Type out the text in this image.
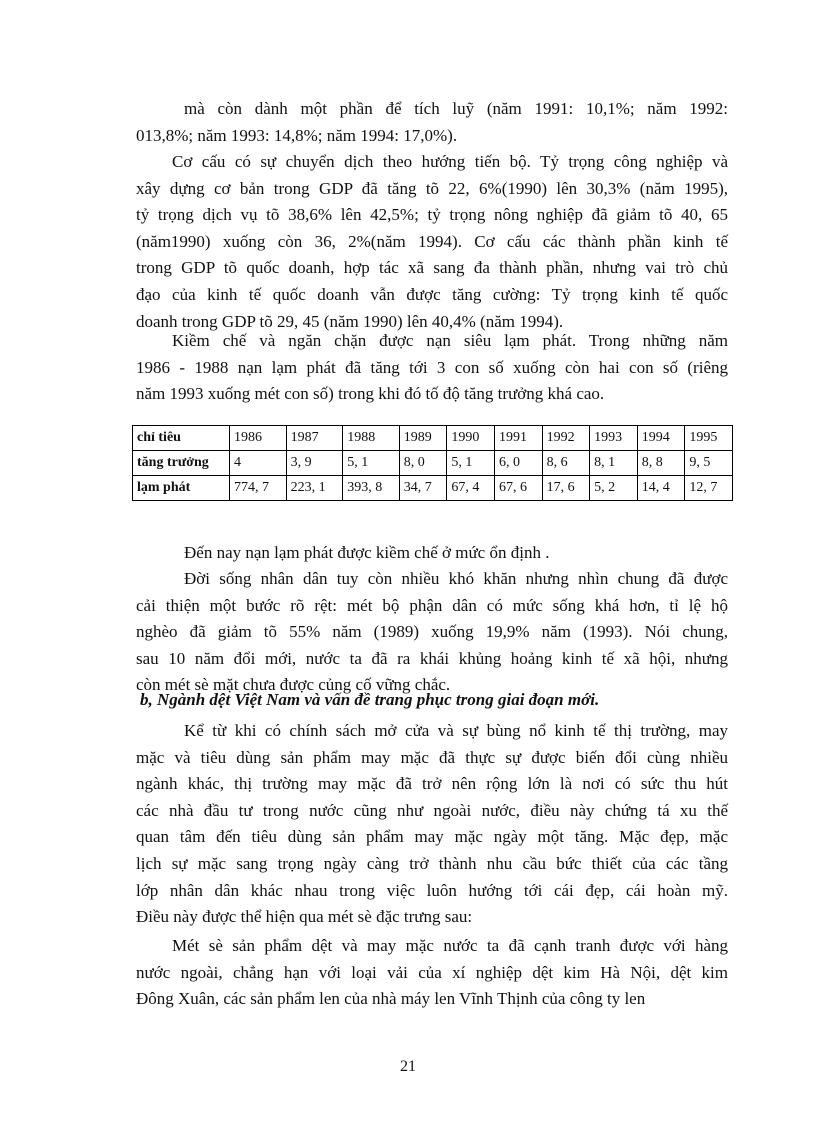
mà còn dành một phần để tích luỹ (năm 1991: 10,1%; năm 1992:
013,8%; năm 1993: 14,8%; năm 1994: 17,0%).
Cơ cấu có sự chuyển dịch theo hướng tiến bộ. Tỷ trọng công nghiệp và
xây dựng cơ bản trong GDP đã tăng tõ 22, 6%(1990) lên 30,3% (năm 1995),
tỷ trọng dịch vụ tõ 38,6% lên 42,5%; tỷ trọng nông nghiệp đã giảm tõ 40, 65
(năm1990) xuống còn 36, 2%(năm 1994). Cơ cấu các thành phần kinh tế
trong GDP tõ quốc doanh, hợp tác xã sang đa thành phần, nhưng vai trò chủ
đạo của kinh tế quốc doanh vẫn được tăng cường: Tỷ trọng kinh tế quốc
doanh trong GDP tõ 29, 45 (năm 1990) lên 40,4% (năm 1994).
Kiềm chế và ngăn chặn được nạn siêu lạm phát. Trong những năm
1986 - 1988 nạn lạm phát đã tăng tới 3 con số xuống còn hai con số (riêng
năm 1993 xuống mét con số) trong khi đó tố độ tăng trưởng khá cao.
chỉ tiêu	1986	1987	1988	1989	1990	1991	1992	1993	1994	1995
tăng trưởng	4	3, 9	5, 1	8, 0	5, 1	6, 0	8, 6	8, 1	8, 8	9, 5
lạm phát	774, 7	223, 1	393, 8	34, 7	67, 4	67, 6	17, 6	5, 2	14, 4	12, 7
Đến nay nạn lạm phát được kiềm chế ở mức ổn định .
Đời sống nhân dân tuy còn nhiều khó khăn nhưng nhìn chung đã được
cải thiện một bước rõ rệt: mét bộ phận dân có mức sống khá hơn, tỉ lệ hộ
nghèo đã giảm tõ 55% năm (1989) xuống 19,9% năm (1993). Nói chung,
sau 10 năm đổi mới, nước ta đã ra khái khủng hoảng kinh tế xã hội, nhưng
còn mét sè mặt chưa được củng cố vững chắc.

b, Ngành dệt Việt Nam và vấn đề trang phục trong giai đoạn mới.

Kể từ khi có chính sách mở cửa và sự bùng nổ kinh tế thị trường, may
mặc và tiêu dùng sản phẩm may mặc đã thực sự được biến đổi cùng nhiều
ngành khác, thị trường may mặc đã trở nên rộng lớn là nơi có sức thu hút
các nhà đầu tư trong nước cũng như ngoài nước, điều này chứng tá xu thế
quan tâm đến tiêu dùng sản phẩm may mặc ngày một tăng. Mặc đẹp, mặc
lịch sự mặc sang trọng ngày càng trở thành nhu cầu bức thiết của các tầng
lớp nhân dân khác nhau trong việc luôn hướng tới cái đẹp, cái hoàn mỹ.
Điều này được thể hiện qua mét sè đặc trưng sau:
Mét sè sản phẩm dệt và may mặc nước ta đã cạnh tranh được với hàng
nước ngoài, chẳng hạn với loại vải của xí nghiệp dệt kim Hà Nội, dệt kim
Đông Xuân, các sản phẩm len của nhà máy len Vĩnh Thịnh của công ty len
21
